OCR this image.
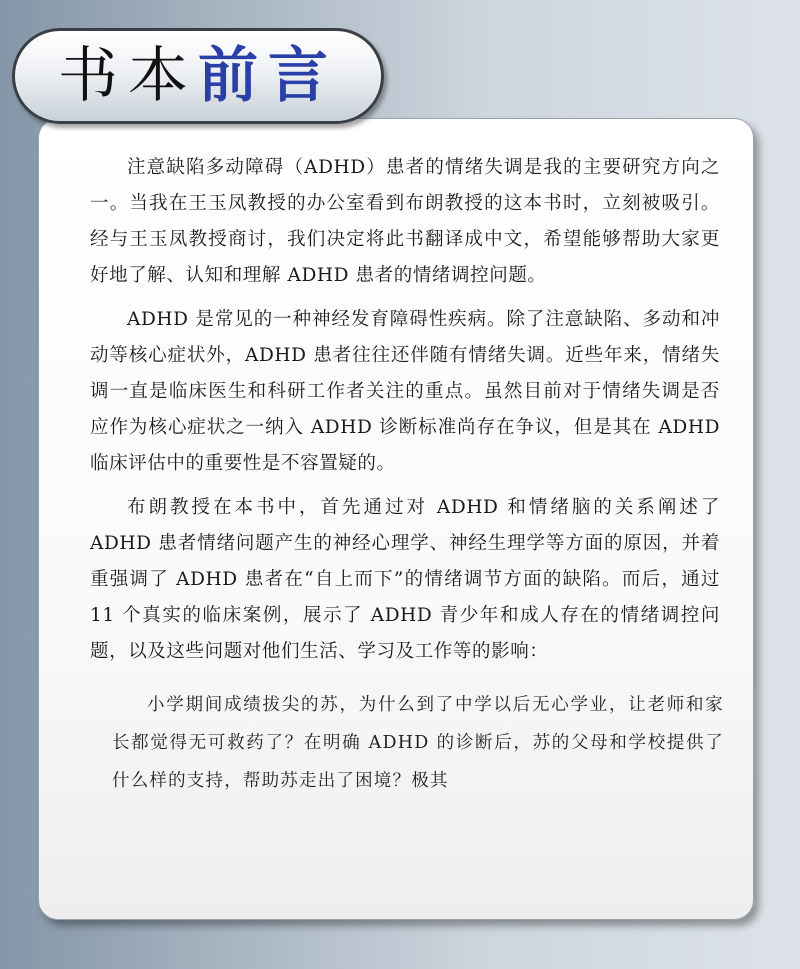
书本 前言

注意缺陷多动障碍（ADHD）患者的情绪失调是我的主要研究方向之一。当我在王玉凤教授的办公室看到布朗教授的这本书时，立刻被吸引。经与王玉凤教授商讨，我们决定将此书翻译成中文，希望能够帮助大家更好地了解、认知和理解 ADHD 患者的情绪调控问题。

ADHD 是常见的一种神经发育障碍性疾病。除了注意缺陷、多动和冲动等核心症状外，ADHD 患者往往还伴随有情绪失调。近些年来，情绪失调一直是临床医生和科研工作者关注的重点。虽然目前对于情绪失调是否应作为核心症状之一纳入 ADHD 诊断标准尚存在争议，但是其在 ADHD 临床评估中的重要性是不容置疑的。

布朗教授在本书中，首先通过对 ADHD 和情绪脑的关系阐述了 ADHD 患者情绪问题产生的神经心理学、神经生理学等方面的原因，并着重强调了 ADHD 患者在“自上而下”的情绪调节方面的缺陷。而后，通过 11 个真实的临床案例，展示了 ADHD 青少年和成人存在的情绪调控问题，以及这些问题对他们生活、学习及工作等的影响：

小学期间成绩拔尖的苏，为什么到了中学以后无心学业，让老师和家长都觉得无可救药了？在明确 ADHD 的诊断后，苏的父母和学校提供了什么样的支持，帮助苏走出了困境？极其
